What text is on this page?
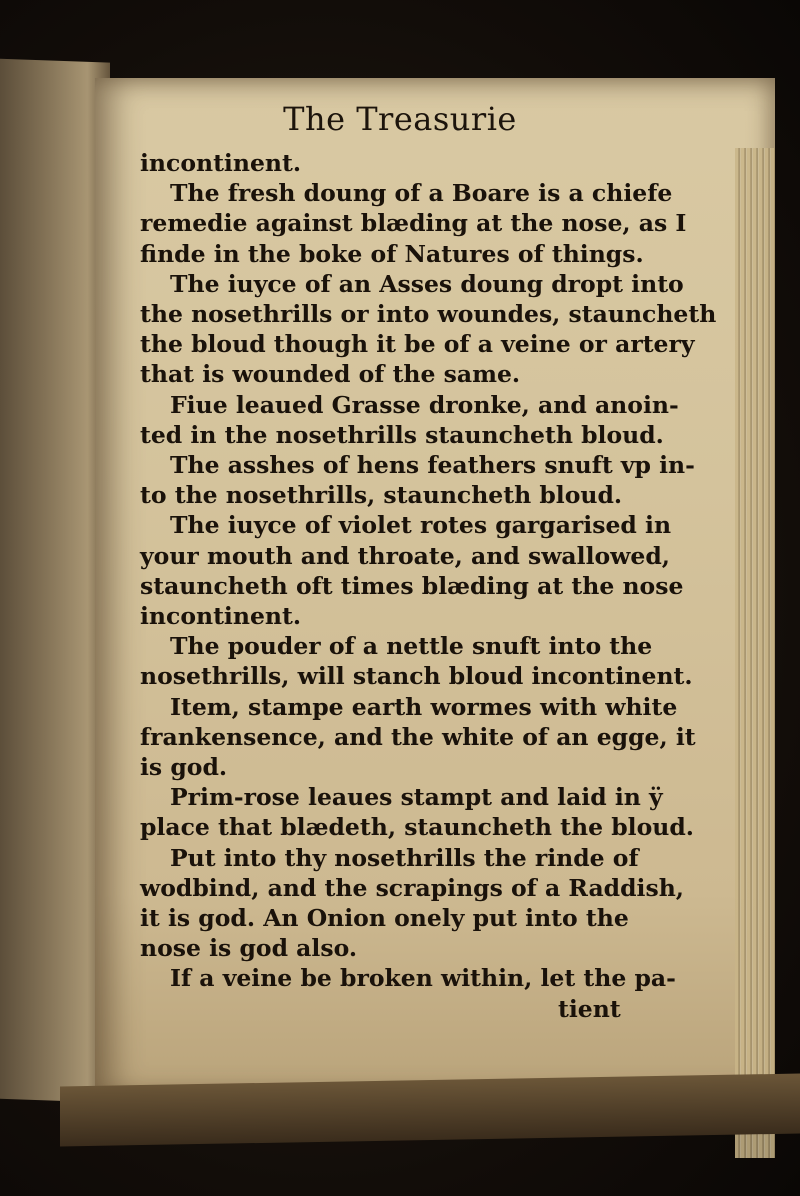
The Treasurie
incontinent.
The fresh doung of a Boare is a chiefe
remedie against blæding at the nose, as I
finde in the boke of Natures of things.
The iuyce of an Asses doung dropt into
the nosethrills or into woundes, stauncheth
the bloud though it be of a veine or artery
that is wounded of the same.
Fiue leaued Grasse dronke, and anoin-
ted in the nosethrills stauncheth bloud.
The asshes of hens feathers snuft vp in-
to the nosethrills, stauncheth bloud.
The iuyce of violet rotes gargarised in
your mouth and throate, and swallowed,
stauncheth oft times blæding at the nose
incontinent.
The pouder of a nettle snuft into the
nosethrills, will stanch bloud incontinent.
Item, stampe earth wormes with white
frankensence, and the white of an egge, it
is god.
Prim-rose leaues stampt and laid in ÿ
place that blædeth, stauncheth the bloud.
Put into thy nosethrills the rinde of
wodbind, and the scrapings of a Raddish,
it is god. An Onion onely put into the
nose is god also.
If a veine be broken within, let the pa-
tient
